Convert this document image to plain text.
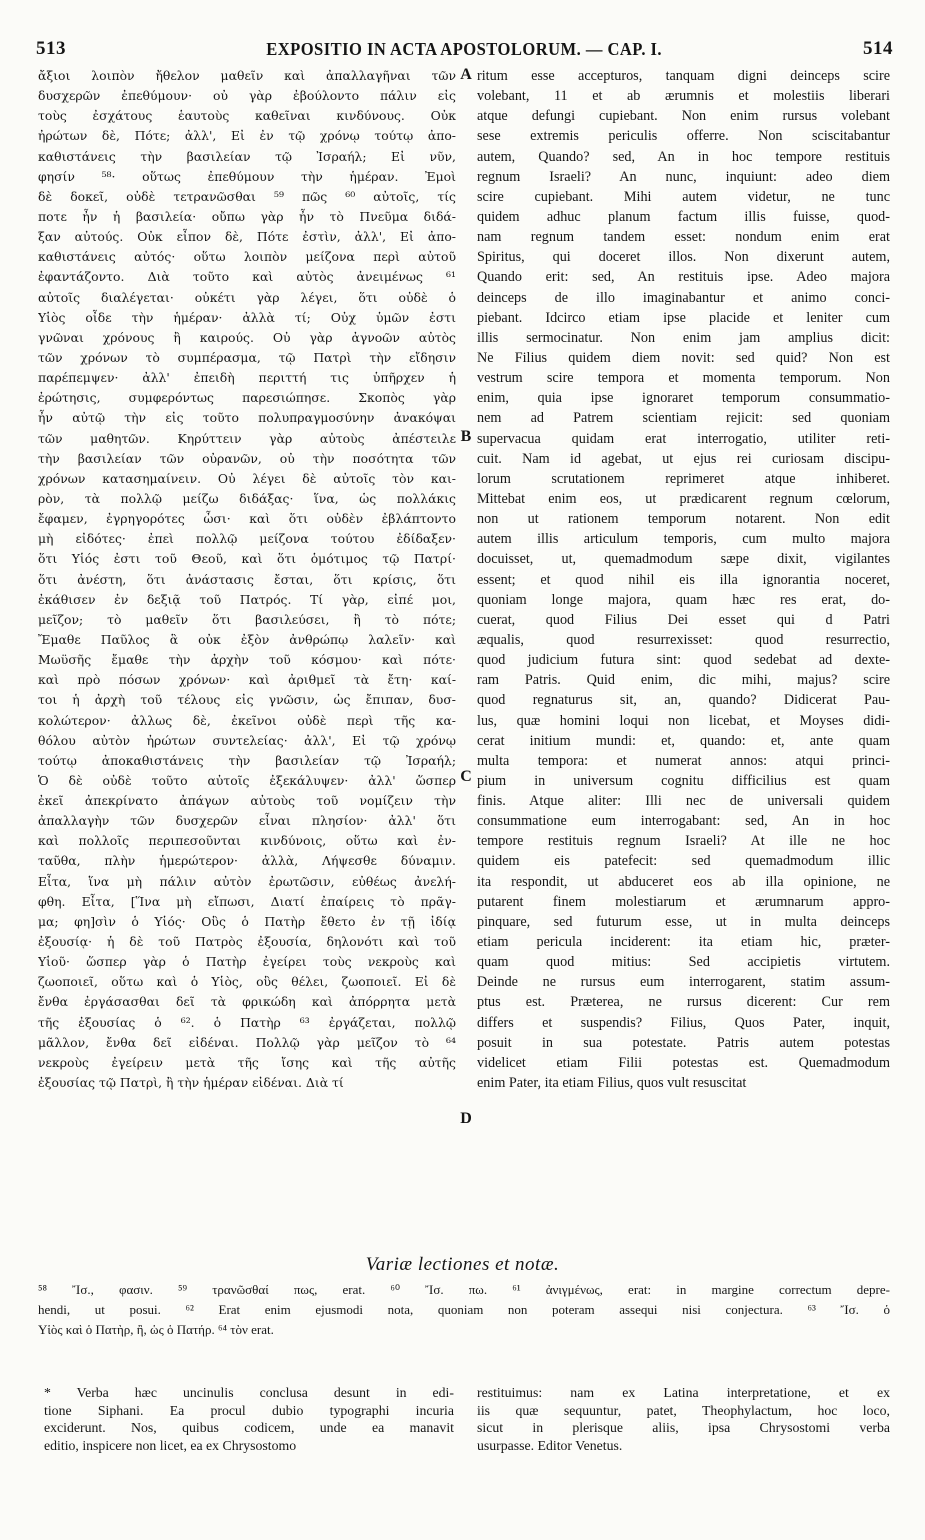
513	EXPOSITIO IN ACTA APOSTOLORUM. — CAP. I.	514
ἄξιοι λοιπὸν ἤθελον μαθεῖν καὶ ἀπαλλαγῆναι τῶν
δυσχερῶν ἐπεθύμουν· οὐ γὰρ ἐβούλοντο πάλιν εἰς
τοὺς ἐσχάτους ἑαυτοὺς καθεῖναι κινδύνους. Οὐκ
ἠρώτων δὲ, Πότε; ἀλλ', Εἰ ἐν τῷ χρόνῳ τούτῳ ἀπο-
καθιστάνεις τὴν βασιλείαν τῷ Ἰσραήλ; Εἰ νῦν,
φησίν ⁵⁸· οὕτως ἐπεθύμουν τὴν ἡμέραν. Ἐμοὶ
δὲ δοκεῖ, οὐδὲ τετρανῶσθαι ⁵⁹ πῶς ⁶⁰ αὐτοῖς, τίς
ποτε ἦν ἡ βασιλεία· οὔπω γὰρ ἦν τὸ Πνεῦμα διδά-
ξαν αὐτούς. Οὐκ εἶπον δὲ, Πότε ἐστὶν, ἀλλ', Εἰ ἀπο-
καθιστάνεις αὐτός· οὕτω λοιπὸν μείζονα περὶ αὐτοῦ
ἐφαντάζοντο. Διὰ τοῦτο καὶ αὐτὸς ἀνειμένως ⁶¹
αὐτοῖς διαλέγεται· οὐκέτι γὰρ λέγει, ὅτι οὐδὲ ὁ
Υἱὸς οἶδε τὴν ἡμέραν· ἀλλὰ τί; Οὐχ ὑμῶν ἐστι
γνῶναι χρόνους ἢ καιρούς. Οὐ γὰρ ἀγνοῶν αὐτὸς
τῶν χρόνων τὸ συμπέρασμα, τῷ Πατρὶ τὴν εἴδησιν
παρέπεμψεν· ἀλλ' ἐπειδὴ περιττή τις ὑπῆρχεν ἡ
ἐρώτησις, συμφερόντως παρεσιώπησε. Σκοπὸς γὰρ
ἦν αὐτῷ τὴν εἰς τοῦτο πολυπραγμοσύνην ἀνακόψαι
τῶν μαθητῶν. Κηρύττειν γὰρ αὐτοὺς ἀπέστειλε
τὴν βασιλείαν τῶν οὐρανῶν, οὐ τὴν ποσότητα τῶν
χρόνων κατασημαίνειν. Οὐ λέγει δὲ αὐτοῖς τὸν και-
ρὸν, τὰ πολλῷ μείζω διδάξας· ἵνα, ὡς πολλάκις
ἔφαμεν, ἐγρηγορότες ὦσι· καὶ ὅτι οὐδὲν ἐβλάπτοντο
μὴ εἰδότες· ἐπεὶ πολλῷ μείζονα τούτου ἐδίδαξεν·
ὅτι Υἱός ἐστι τοῦ Θεοῦ, καὶ ὅτι ὁμότιμος τῷ Πατρί·
ὅτι ἀνέστη, ὅτι ἀνάστασις ἔσται, ὅτι κρίσις, ὅτι
ἐκάθισεν ἐν δεξιᾷ τοῦ Πατρός. Τί γὰρ, εἰπέ μοι,
μεῖζον; τὸ μαθεῖν ὅτι βασιλεύσει, ἢ τὸ πότε;
Ἔμαθε Παῦλος ἃ οὐκ ἐξὸν ἀνθρώπῳ λαλεῖν· καὶ
Μωϋσῆς ἔμαθε τὴν ἀρχὴν τοῦ κόσμου· καὶ πότε·
καὶ πρὸ πόσων χρόνων· καὶ ἀριθμεῖ τὰ ἔτη· καί-
τοι ἡ ἀρχὴ τοῦ τέλους εἰς γνῶσιν, ὡς ἔπιπαν, δυσ-
κολώτερον· ἀλλως δὲ, ἐκεῖνοι οὐδὲ περὶ τῆς κα-
θόλου αὐτὸν ἠρώτων συντελείας· ἀλλ', Εἰ τῷ χρόνῳ
τούτῳ ἀποκαθιστάνεις τὴν βασιλείαν τῷ Ἰσραήλ;
Ὁ δὲ οὐδὲ τοῦτο αὐτοῖς ἐξεκάλυψεν· ἀλλ' ὥσπερ
ἐκεῖ ἀπεκρίνατο ἀπάγων αὐτοὺς τοῦ νομίζειν τὴν
ἀπαλλαγὴν τῶν δυσχερῶν εἶναι πλησίον· ἀλλ' ὅτι
καὶ πολλοῖς περιπεσοῦνται κινδύνοις, οὕτω καὶ ἐν-
ταῦθα, πλὴν ἡμερώτερον· ἀλλὰ, Λήψεσθε δύναμιν.
Εἶτα, ἵνα μὴ πάλιν αὐτὸν ἐρωτῶσιν, εὐθέως ἀνελή-
φθη. Εἶτα, [Ἵνα μὴ εἴπωσι, Διατί ἐπαίρεις τὸ πρᾶγ-
μα; φη]σὶν ὁ Υἱός· Οὓς ὁ Πατὴρ ἔθετο ἐν τῇ ἰδίᾳ
ἐξουσίᾳ· ἡ δὲ τοῦ Πατρὸς ἐξουσία, δηλονότι καὶ τοῦ
Υἱοῦ· ὥσπερ γὰρ ὁ Πατὴρ ἐγείρει τοὺς νεκροὺς καὶ
ζωοποιεῖ, οὕτω καὶ ὁ Υἱὸς, οὓς θέλει, ζωοποιεῖ. Εἰ δὲ
ἔνθα ἐργάσασθαι δεῖ τὰ φρικώδη καὶ ἀπόρρητα μετὰ
τῆς ἐξουσίας ὁ ⁶². ὁ Πατὴρ ⁶³ ἐργάζεται, πολλῷ
μᾶλλον, ἔνθα δεῖ εἰδέναι. Πολλῷ γὰρ μεῖζον τὸ ⁶⁴
νεκροὺς ἐγείρειν μετὰ τῆς ἴσης καὶ τῆς αὐτῆς
ἐξουσίας τῷ Πατρὶ, ἢ τὴν ἡμέραν εἰδέναι. Διὰ τί
A
B
C
D
ritum esse accepturos, tanquam digni deinceps scire
volebant, 11 et ab ærumnis et molestiis liberari
atque defungi cupiebant. Non enim rursus volebant
sese extremis periculis offerre. Non sciscitabantur
autem, Quando? sed, An in hoc tempore restituis
regnum Israeli? An nunc, inquiunt: adeo diem
scire cupiebant. Mihi autem videtur, ne tunc
quidem adhuc planum factum illis fuisse, quod-
nam regnum tandem esset: nondum enim erat
Spiritus, qui doceret illos. Non dixerunt autem,
Quando erit: sed, An restituis ipse. Adeo majora
deinceps de illo imaginabantur et animo conci-
piebant. Idcirco etiam ipse placide et leniter cum
illis sermocinatur. Non enim jam amplius dicit:
Ne Filius quidem diem novit: sed quid? Non est
vestrum scire tempora et momenta temporum. Non
enim, quia ipse ignoraret temporum consummatio-
nem ad Patrem scientiam rejicit: sed quoniam
supervacua quidam erat interrogatio, utiliter reti-
cuit. Nam id agebat, ut ejus rei curiosam discipu-
lorum scrutationem reprimeret atque inhiberet.
Mittebat enim eos, ut prædicarent regnum cœlorum,
non ut rationem temporum notarent. Non edit
autem illis articulum temporis, cum multo majora
docuisset, ut, quemadmodum sæpe dixit, vigilantes
essent; et quod nihil eis illa ignorantia noceret,
quoniam longe majora, quam hæc res erat, do-
cuerat, quod Filius Dei esset qui d Patri
æqualis, quod resurrexisset: quod resurrectio,
quod judicium futura sint: quod sedebat ad dexte-
ram Patris. Quid enim, dic mihi, majus? scire
quod regnaturus sit, an, quando? Didicerat Pau-
lus, quæ homini loqui non licebat, et Moyses didi-
cerat initium mundi: et, quando: et, ante quam
multa tempora: et numerat annos: atqui princi-
pium in universum cognitu difficilius est quam
finis. Atque aliter: Illi nec de universali quidem
consummatione eum interrogabant: sed, An in hoc
tempore restituis regnum Israeli? At ille ne hoc
quidem eis patefecit: sed quemadmodum illic
ita respondit, ut abduceret eos ab illa opinione, ne
putarent finem molestiarum et ærumnarum appro-
pinquare, sed futurum esse, ut in multa deinceps
etiam pericula inciderent: ita etiam hic, præter-
quam quod mitius: Sed accipietis virtutem.
Deinde ne rursus eum interrogarent, statim assum-
ptus est. Præterea, ne rursus dicerent: Cur rem
differs et suspendis? Filius, Quos Pater, inquit,
posuit in sua potestate. Patris autem potestas
videlicet etiam Filii potestas est. Quemadmodum
enim Pater, ita etiam Filius, quos vult resuscitat
Variæ lectiones et notæ.
⁵⁸ Ἴσ., φασιν. ⁵⁹ τρανῶσθαί πως, erat. ⁶⁰ Ἴσ. πω. ⁶¹ ἀνιγμένως, erat: in margine correctum depre-
hendi, ut posui. ⁶² Erat enim ejusmodi nota, quoniam non poteram assequi nisi conjectura. ⁶³ Ἴσ. ὁ
Υἱὸς καὶ ὁ Πατὴρ, ἢ, ὡς ὁ Πατήρ. ⁶⁴ τὸν erat.
* Verba hæc uncinulis conclusa desunt in edi-
tione Siphani. Ea procul dubio typographi incuria
exciderunt. Nos, quibus codicem, unde ea manavit
editio, inspicere non licet, ea ex Chrysostomo
restituimus: nam ex Latina interpretatione, et ex
iis quæ sequuntur, patet, Theophylactum, hoc loco,
sicut in plerisque aliis, ipsa Chrysostomi verba
usurpasse. Editor Venetus.
